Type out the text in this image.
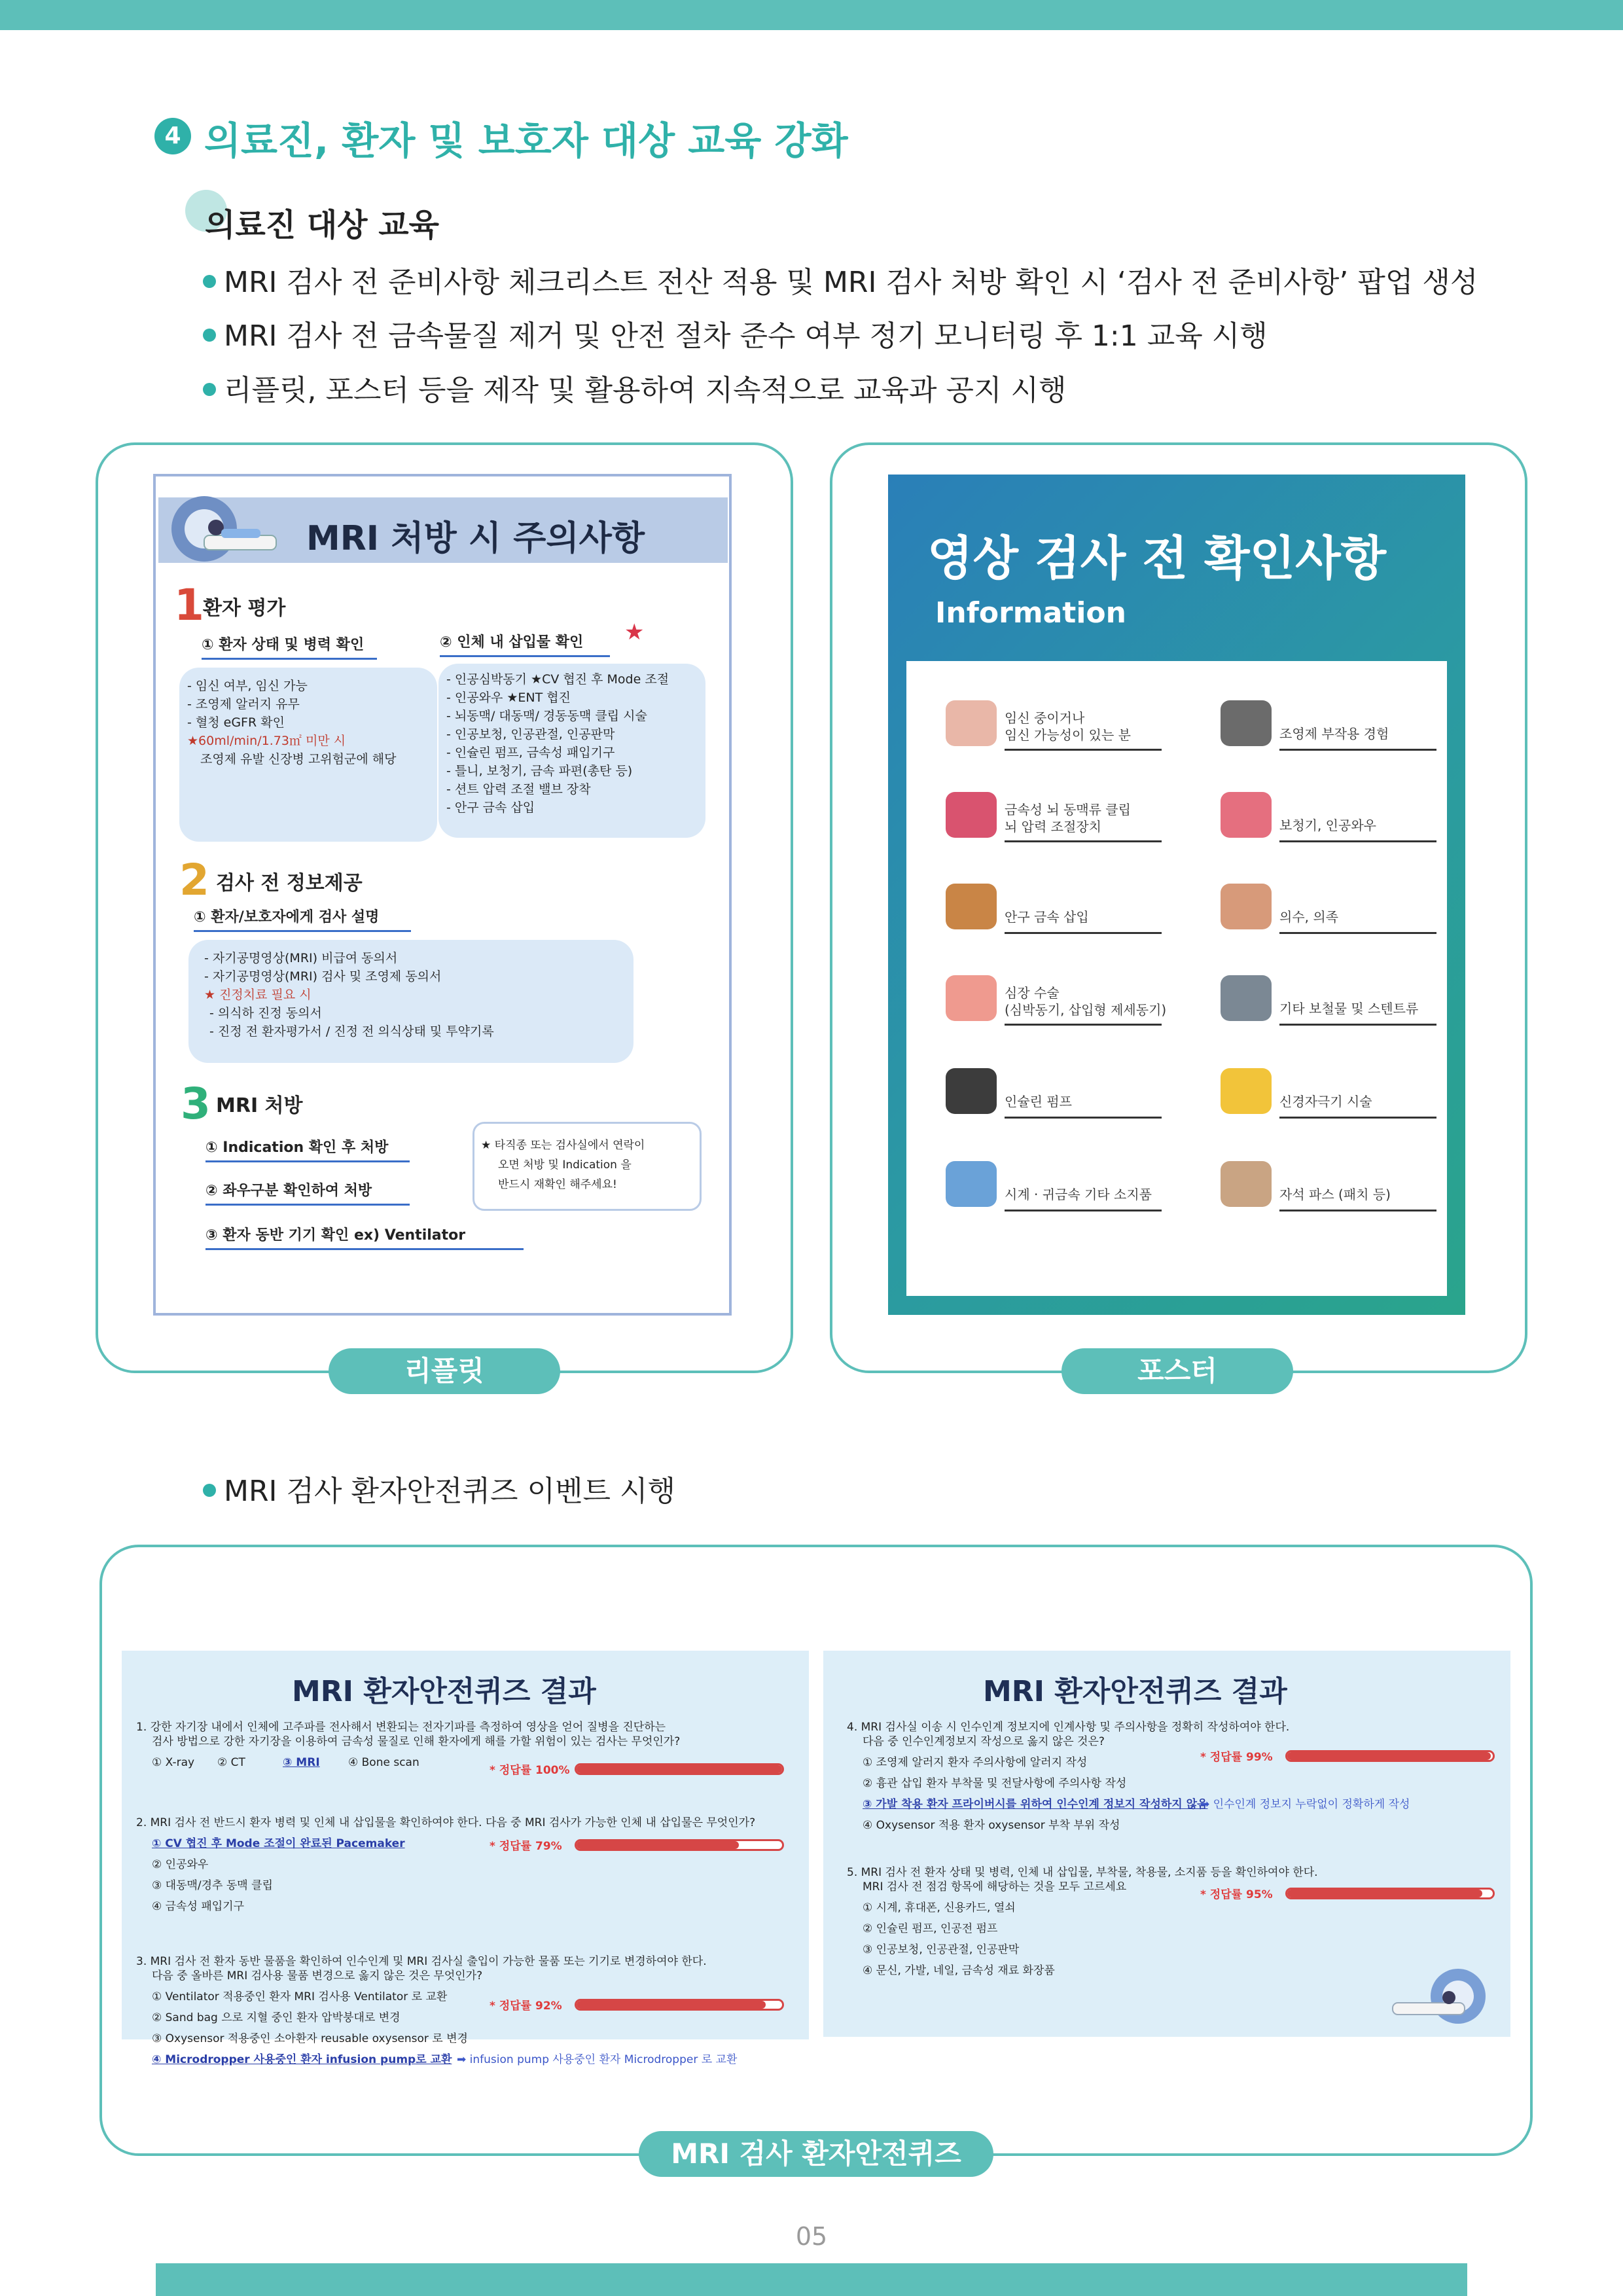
4 의료진, 환자 및 보호자 대상 교육 강화
의료진 대상 교육
MRI 검사 전 준비사항 체크리스트 전산 적용 및 MRI 검사 처방 확인 시 ‘검사 전 준비사항’ 팝업 생성
MRI 검사 전 금속물질 제거 및 안전 절차 준수 여부 정기 모니터링 후 1:1 교육 시행
리플릿, 포스터 등을 제작 및 활용하여 지속적으로 교육과 공지 시행
MRI 처방 시 주의사항
1
환자 평가
① 환자 상태 및 병력 확인	② 인체 내 삽입물 확인	★
- 임신 여부, 임신 가능
- 조영제 알러지 유무
- 혈청 eGFR 확인
★60ml/min/1.73㎡ 미만 시
조영제 유발 신장병 고위험군에 해당
- 인공심박동기 ★CV 협진 후 Mode 조절
- 인공와우 ★ENT 협진
- 뇌동맥/ 대동맥/ 경동동맥 클립 시술
- 인공보청, 인공관절, 인공판막
- 인슐린 펌프, 금속성 패입기구
- 틀니, 보청기, 금속 파편(총탄 등)
- 션트 압력 조절 밸브 장착
- 안구 금속 삽입
2 검사 전 정보제공
① 환자/보호자에게 검사 설명
- 자기공명영상(MRI) 비급여 동의서
- 자기공명영상(MRI) 검사 및 조영제 동의서
★ 진정치료 필요 시
- 의식하 진정 동의서
- 진정 전 환자평가서 / 진정 전 의식상태 및 투약기록
3 MRI 처방
① Indication 확인 후 처방
② 좌우구분 확인하여 처방
③ 환자 동반 기기 확인 ex) Ventilator
★ 타직종 또는 검사실에서 연락이
오면 처방 및 Indication 을
반드시 재확인 해주세요!
영상 검사 전 확인사항
Information
임신 중이거나
임신 가능성이 있는 분	조영제 부작용 경험
금속성 뇌 동맥류 클립
뇌 압력 조절장치	보청기, 인공와우
안구 금속 삽입	의수, 의족
심장 수술
(심박동기, 삽입형 제세동기)	기타 보철물 및 스텐트류
인슐린 펌프	신경자극기 시술
시계 · 귀금속 기타 소지품	자석 파스 (패치 등)
리플릿	포스터
MRI 검사 환자안전퀴즈 이벤트 시행
MRI 환자안전퀴즈 결과
1. 강한 자기장 내에서 인체에 고주파를 전사해서 변환되는 전자기파를 측정하여 영상을 얻어 질병을 진단하는
검사 방법으로 강한 자기장을 이용하여 금속성 물질로 인해 환자에게 해를 가할 위험이 있는 검사는 무엇인가?
① X-ray ② CT	③ MRI	④ Bone scan
* 정답률 100%
2. MRI 검사 전 반드시 환자 병력 및 인체 내 삽입물을 확인하여야 한다. 다음 중 MRI 검사가 가능한 인체 내 삽입물은 무엇인가?
① CV 협진 후 Mode 조절이 완료된 Pacemaker
② 인공와우
③ 대동맥/경추 동맥 클립
④ 금속성 패입기구
* 정답률 79%
3. MRI 검사 전 환자 동반 물품을 확인하여 인수인계 및 MRI 검사실 출입이 가능한 물품 또는 기기로 변경하여야 한다.
다음 중 올바른 MRI 검사용 물품 변경으로 옳지 않은 것은 무엇인가?
① Ventilator 적용중인 환자 MRI 검사용 Ventilator 로 교환
② Sand bag 으로 지혈 중인 환자 압박붕대로 변경
③ Oxysensor 적용중인 소아환자 reusable oxysensor 로 변경
④ Microdropper 사용중인 환자 infusion pump로 교환 ➡ infusion pump 사용중인 환자 Microdropper 로 교환
* 정답률 92%
MRI 환자안전퀴즈 결과
4. MRI 검사실 이송 시 인수인계 정보지에 인계사항 및 주의사항을 정확히 작성하여야 한다.
다음 중 인수인계정보지 작성으로 옳지 않은 것은?
① 조영제 알러지 환자 주의사항에 알러지 작성
② 흉관 삽입 환자 부착물 및 전달사항에 주의사항 작성
③ 가발 착용 환자 프라이버시를 위하여 인수인계 정보지 작성하지 않음
④ Oxysensor 적용 환자 oxysensor 부착 부위 작성
➡ 인수인계 정보지 누락없이 정확하게 작성
* 정답률 99%
5. MRI 검사 전 환자 상태 및 병력, 인체 내 삽입물, 부착물, 착용물, 소지품 등을 확인하여야 한다.
MRI 검사 전 점검 항목에 해당하는 것을 모두 고르세요
① 시계, 휴대폰, 신용카드, 열쇠
② 인슐린 펌프, 인공전 펌프
③ 인공보청, 인공관절, 인공판막
④ 문신, 가발, 네일, 금속성 재료 화장품
* 정답률 95%
MRI 검사 환자안전퀴즈
05
